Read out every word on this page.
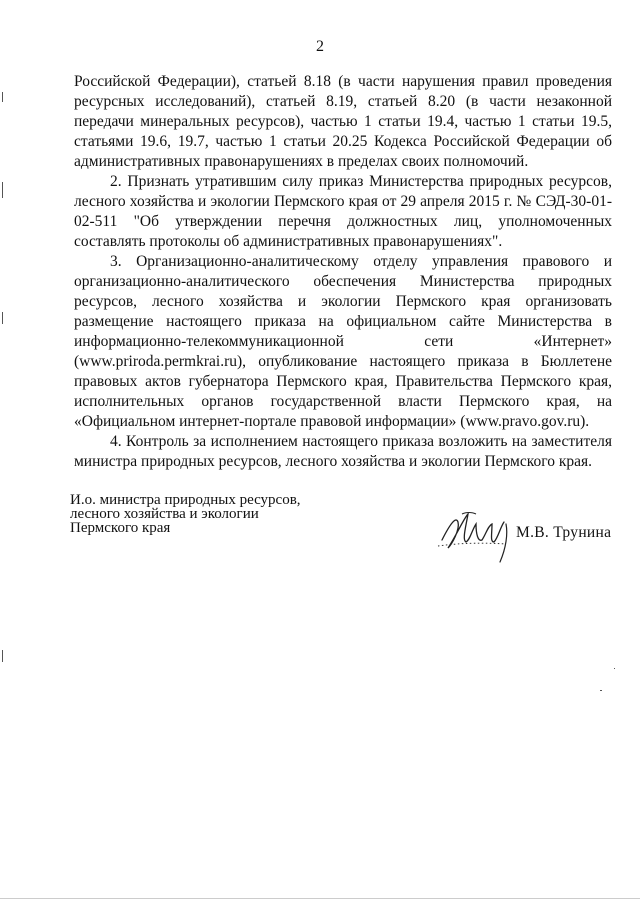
2

Российской Федерации), статьей 8.18 (в части нарушения правил проведения ресурсных исследований), статьей 8.19, статьей 8.20 (в части незаконной передачи минеральных ресурсов), частью 1 статьи 19.4, частью 1 статьи 19.5, статьями 19.6, 19.7, частью 1 статьи 20.25 Кодекса Российской Федерации об административных правонарушениях в пределах своих полномочий.

2. Признать утратившим силу приказ Министерства природных ресурсов, лесного хозяйства и экологии Пермского края от 29 апреля 2015 г. № СЭД-30-01-02-511 "Об утверждении перечня должностных лиц, уполномоченных составлять протоколы об административных правонарушениях".

3. Организационно-аналитическому отделу управления правового и организационно-аналитического обеспечения Министерства природных ресурсов, лесного хозяйства и экологии Пермского края организовать размещение настоящего приказа на официальном сайте Министерства в информационно-телекоммуникационной сети «Интернет» (www.priroda.permkrai.ru), опубликование настоящего приказа в Бюллетене правовых актов губернатора Пермского края, Правительства Пермского края, исполнительных органов государственной власти Пермского края, на «Официальном интернет-портале правовой информации» (www.pravo.gov.ru).

4. Контроль за исполнением настоящего приказа возложить на заместителя министра природных ресурсов, лесного хозяйства и экологии Пермского края.

И.о. министра природных ресурсов,
лесного хозяйства и экологии
Пермского края	М.В. Трунина
